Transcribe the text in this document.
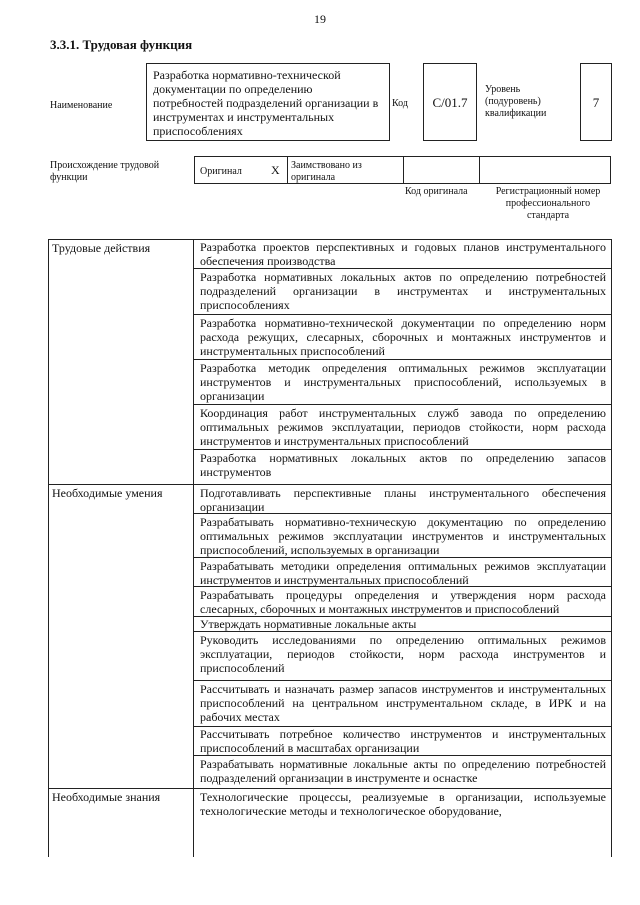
19
3.3.1. Трудовая функция
Наименование
Разработка нормативно-технической документации по определению потребностей подразделений организации в инструментах и инструментальных приспособлениях
Код	C/01.7
Уровень (подуровень) квалификации
7
Происхождение трудовой функции
Оригинал X Заимствовано из оригинала
Код оригинала	Регистрационный номер профессионального стандарта
Трудовые действия
Необходимые умения
Необходимые знания
Разработка проектов перспективных и годовых планов инструментального обеспечения производства
Разработка нормативных локальных актов по определению потребностей подразделений организации в инструментах и инструментальных приспособлениях
Разработка нормативно-технической документации по определению норм расхода режущих, слесарных, сборочных и монтажных инструментов и инструментальных приспособлений
Разработка методик определения оптимальных режимов эксплуатации инструментов и инструментальных приспособлений, используемых в организации
Координация работ инструментальных служб завода по определению оптимальных режимов эксплуатации, периодов стойкости, норм расхода инструментов и инструментальных приспособлений
Разработка нормативных локальных актов по определению запасов инструментов
Подготавливать перспективные планы инструментального обеспечения организации
Разрабатывать нормативно-техническую документацию по определению оптимальных режимов эксплуатации инструментов и инструментальных приспособлений, используемых в организации
Разрабатывать методики определения оптимальных режимов эксплуатации инструментов и инструментальных приспособлений
Разрабатывать процедуры определения и утверждения норм расхода слесарных, сборочных и монтажных инструментов и приспособлений
Утверждать нормативные локальные акты
Руководить исследованиями по определению оптимальных режимов эксплуатации, периодов стойкости, норм расхода инструментов и приспособлений
Рассчитывать и назначать размер запасов инструментов и инструментальных приспособлений на центральном инструментальном складе, в ИРК и на рабочих местах
Рассчитывать потребное количество инструментов и инструментальных приспособлений в масштабах организации
Разрабатывать нормативные локальные акты по определению потребностей подразделений организации в инструменте и оснастке
Технологические процессы, реализуемые в организации, используемые технологические методы и технологическое оборудование,
